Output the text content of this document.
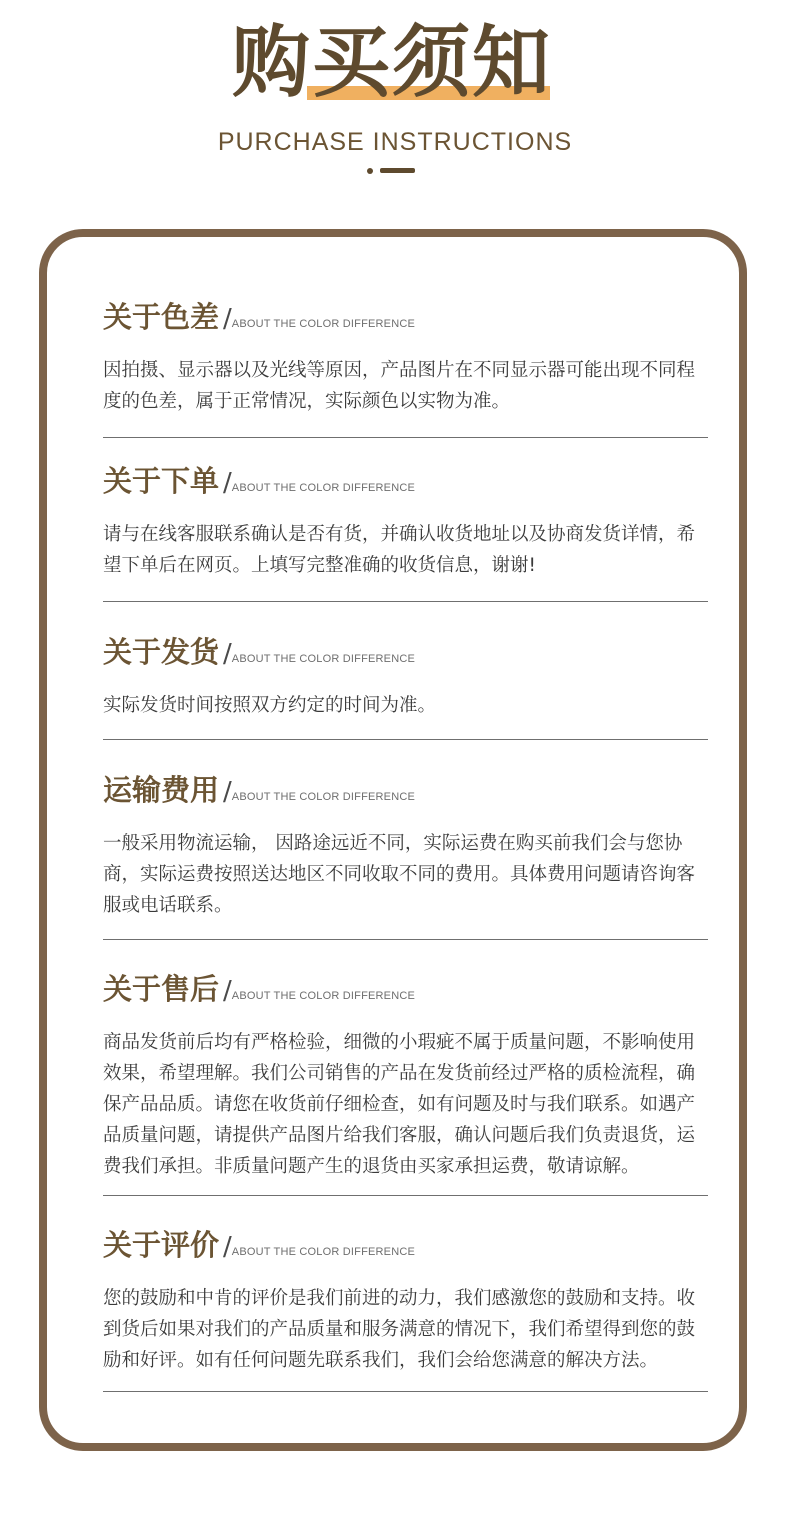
购买须知
PURCHASE INSTRUCTIONS
关于色差 /ABOUT THE COLOR DIFFERENCE

因拍摄、显示器以及光线等原因，产品图片在不同显示器可能出现不同程度的色差，属于正常情况，实际颜色以实物为准。

关于下单 /ABOUT THE COLOR DIFFERENCE

请与在线客服联系确认是否有货，并确认收货地址以及协商发货详情，希望下单后在网页。上填写完整准确的收货信息，谢谢!

关于发货 /ABOUT THE COLOR DIFFERENCE

实际发货时间按照双方约定的时间为准。

运输费用 /ABOUT THE COLOR DIFFERENCE

一般采用物流运输， 因路途远近不同，实际运费在购买前我们会与您协商，实际运费按照送达地区不同收取不同的费用。具体费用问题请咨询客服或电话联系。

关于售后 /ABOUT THE COLOR DIFFERENCE

商品发货前后均有严格检验，细微的小瑕疵不属于质量问题，不影响使用效果，希望理解。我们公司销售的产品在发货前经过严格的质检流程，确保产品品质。请您在收货前仔细检查，如有问题及时与我们联系。如遇产品质量问题，请提供产品图片给我们客服，确认问题后我们负责退货，运费我们承担。非质量问题产生的退货由买家承担运费，敬请谅解。

关于评价 /ABOUT THE COLOR DIFFERENCE

您的鼓励和中肯的评价是我们前进的动力，我们感激您的鼓励和支持。收到货后如果对我们的产品质量和服务满意的情况下，我们希望得到您的鼓励和好评。如有任何问题先联系我们，我们会给您满意的解决方法。
